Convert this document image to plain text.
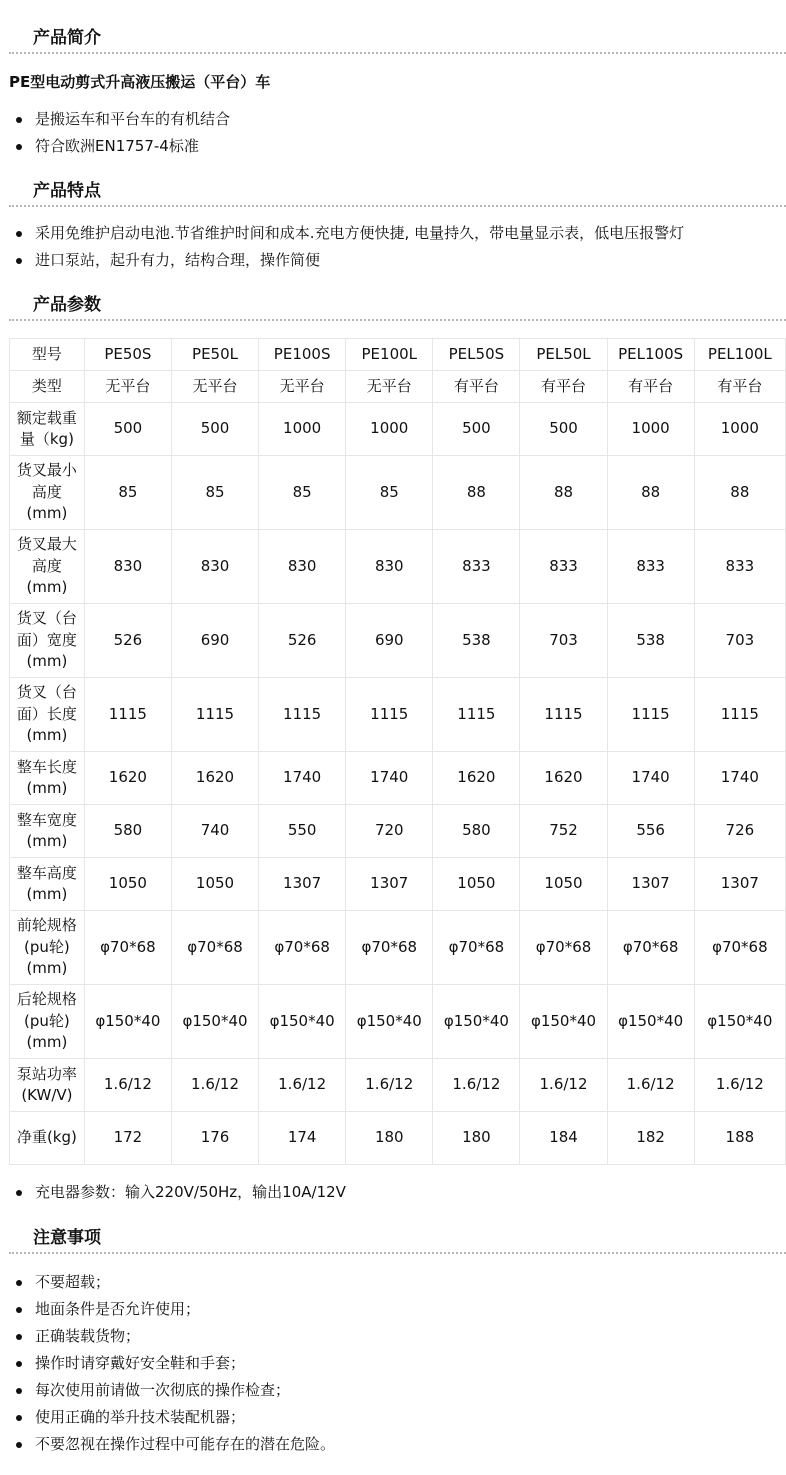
产品简介
PE型电动剪式升高液压搬运（平台）车
是搬运车和平台车的有机结合
符合欧洲EN1757-4标准
产品特点
采用免维护启动电池.节省维护时间和成本.充电方便快捷, 电量持久，带电量显示表，低电压报警灯
进口泵站，起升有力，结构合理，操作简便
产品参数
型号	PE50S	PE50L	PE100S	PE100L	PEL50S	PEL50L	PEL100S	PEL100L
类型	无平台	无平台	无平台	无平台	有平台	有平台	有平台	有平台
额定载重量（kg)	500	500	1000	1000	500	500	1000	1000
货叉最小高度(mm)	85	85	85	85	88	88	88	88
货叉最大高度(mm)	830	830	830	830	833	833	833	833
货叉（台面）宽度(mm)	526	690	526	690	538	703	538	703
货叉（台面）长度(mm)	1115	1115	1115	1115	1115	1115	1115	1115
整车长度(mm)	1620	1620	1740	1740	1620	1620	1740	1740
整车宽度(mm)	580	740	550	720	580	752	556	726
整车高度(mm)	1050	1050	1307	1307	1050	1050	1307	1307
前轮规格(pu轮)(mm)	φ70*68	φ70*68	φ70*68	φ70*68	φ70*68	φ70*68	φ70*68	φ70*68
后轮规格(pu轮)(mm)	φ150*40	φ150*40	φ150*40	φ150*40	φ150*40	φ150*40	φ150*40	φ150*40
泵站功率(KW/V)	1.6/12	1.6/12	1.6/12	1.6/12	1.6/12	1.6/12	1.6/12	1.6/12
净重(kg)	172	176	174	180	180	184	182	188
充电器参数：输入220V/50Hz，输出10A/12V
注意事项
不要超载；
地面条件是否允许使用；
正确装载货物；
操作时请穿戴好安全鞋和手套；
每次使用前请做一次彻底的操作检查；
使用正确的举升技术装配机器；
不要忽视在操作过程中可能存在的潜在危险。
